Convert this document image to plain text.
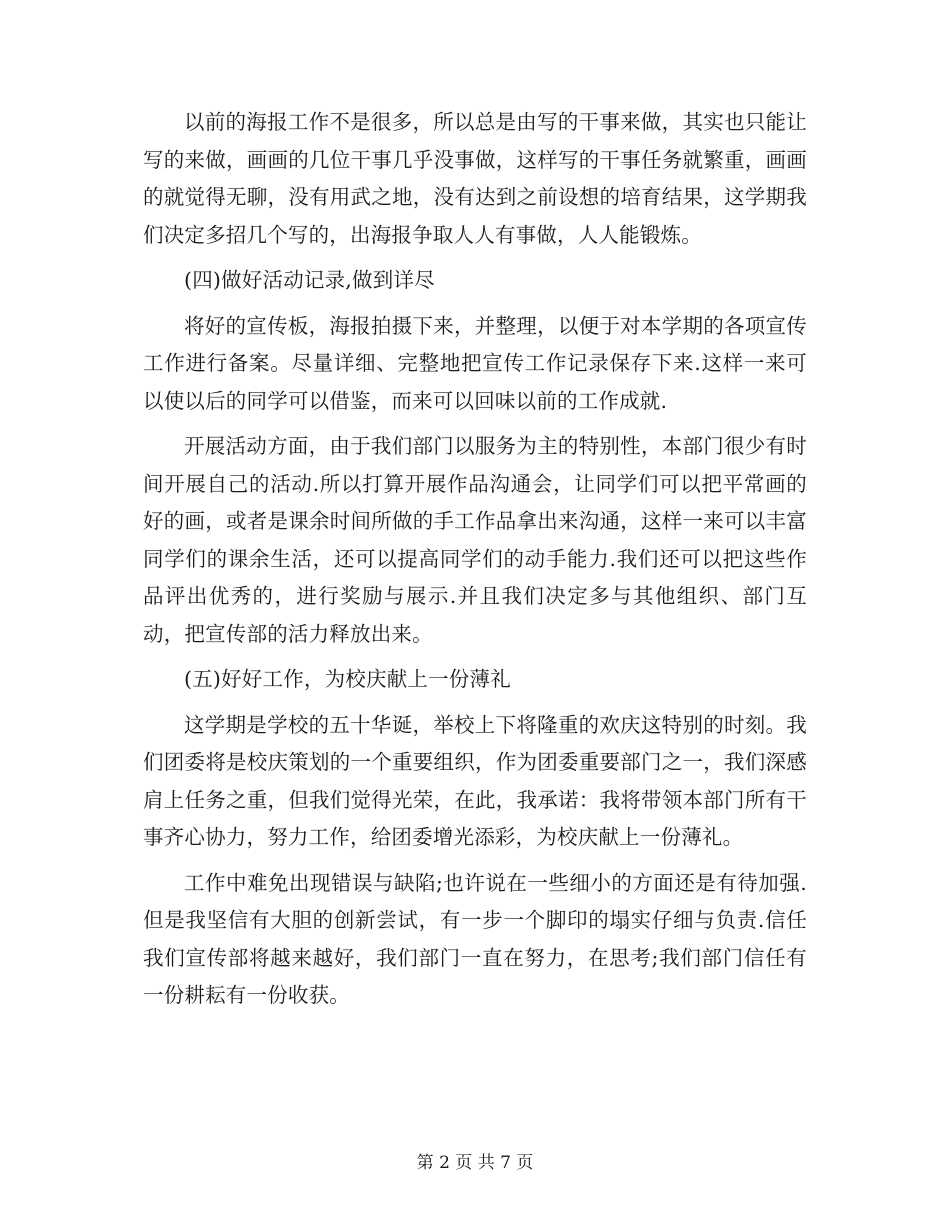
以前的海报工作不是很多，所以总是由写的干事来做，其实也只能让写的来做，画画的几位干事几乎没事做，这样写的干事任务就繁重，画画的就觉得无聊，没有用武之地，没有达到之前设想的培育结果，这学期我们决定多招几个写的，出海报争取人人有事做，人人能锻炼。

(四)做好活动记录,做到详尽

将好的宣传板，海报拍摄下来，并整理，以便于对本学期的各项宣传工作进行备案。尽量详细、完整地把宣传工作记录保存下来.这样一来可以使以后的同学可以借鉴，而来可以回味以前的工作成就.

开展活动方面，由于我们部门以服务为主的特别性，本部门很少有时间开展自己的活动.所以打算开展作品沟通会，让同学们可以把平常画的好的画，或者是课余时间所做的手工作品拿出来沟通，这样一来可以丰富同学们的课余生活，还可以提高同学们的动手能力.我们还可以把这些作品评出优秀的，进行奖励与展示.并且我们决定多与其他组织、部门互动，把宣传部的活力释放出来。

(五)好好工作，为校庆献上一份薄礼

这学期是学校的五十华诞，举校上下将隆重的欢庆这特别的时刻。我们团委将是校庆策划的一个重要组织，作为团委重要部门之一，我们深感肩上任务之重，但我们觉得光荣，在此，我承诺：我将带领本部门所有干事齐心协力，努力工作，给团委增光添彩，为校庆献上一份薄礼。

工作中难免出现错误与缺陷;也许说在一些细小的方面还是有待加强.但是我坚信有大胆的创新尝试，有一步一个脚印的塌实仔细与负责.信任我们宣传部将越来越好，我们部门一直在努力，在思考;我们部门信任有一份耕耘有一份收获。

第 2 页 共 7 页
